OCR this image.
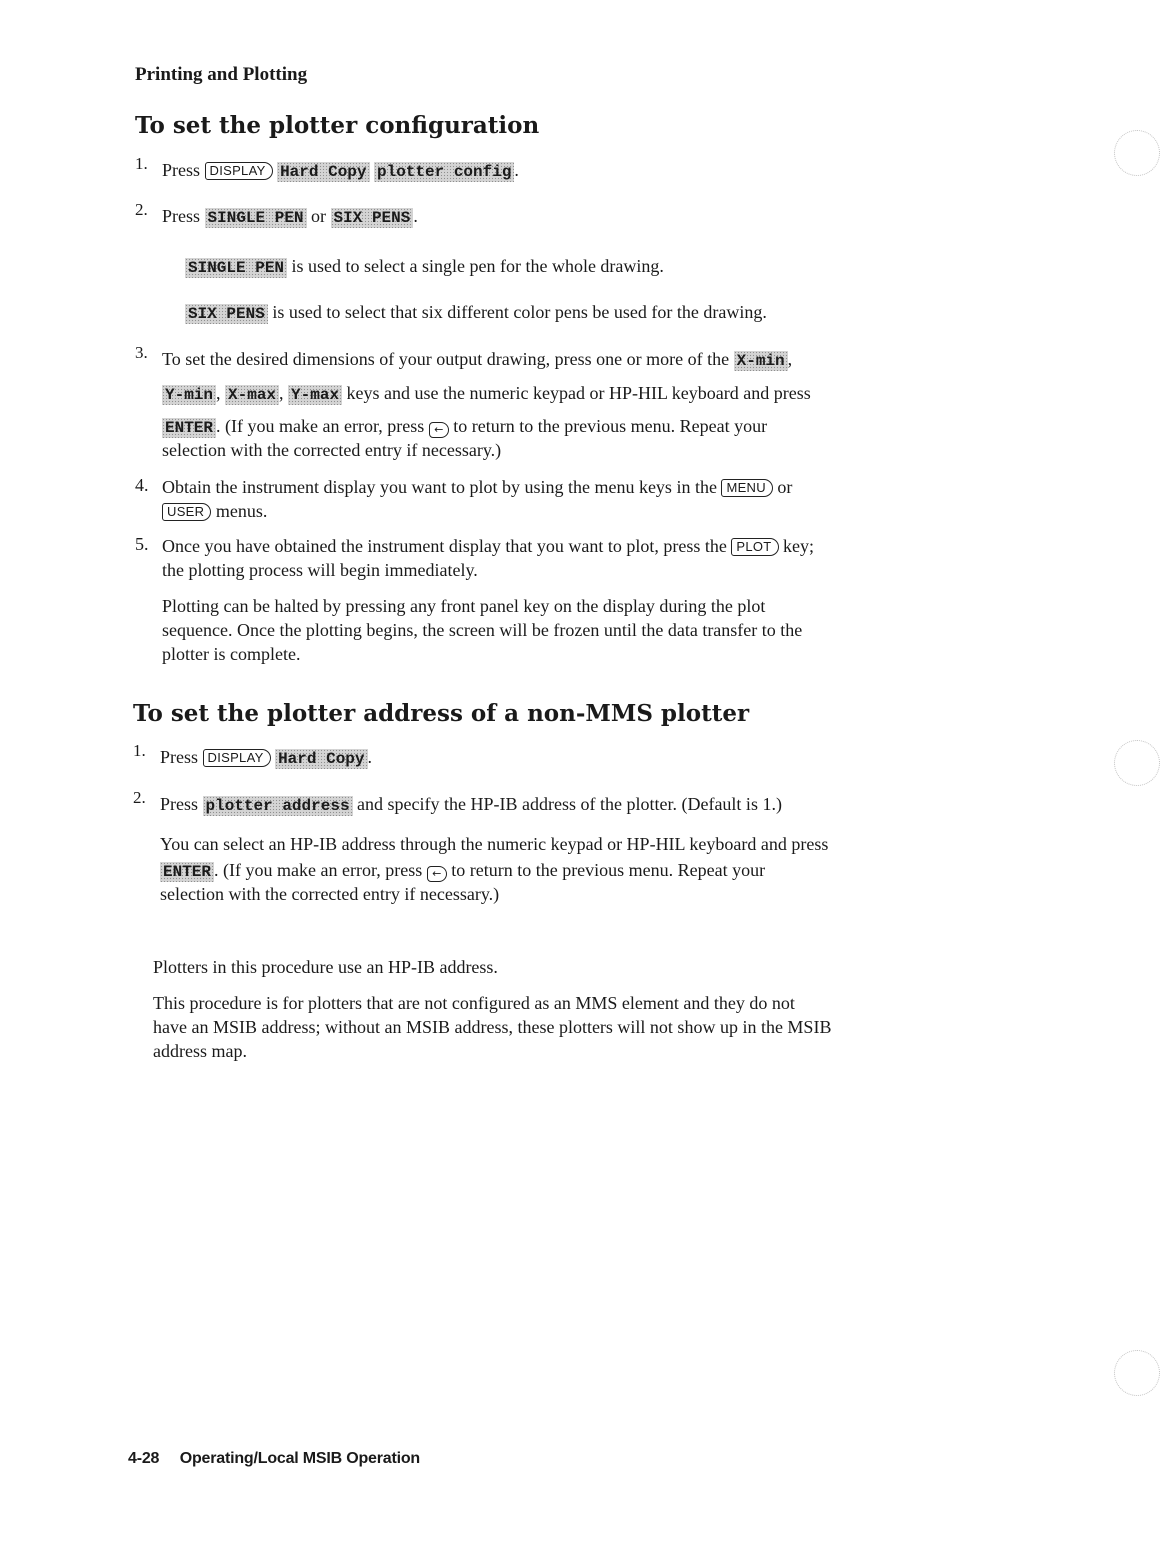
Printing and Plotting
To set the plotter configuration
1. Press DISPLAY Hard Copy plotter config .
2. Press SINGLE PEN or SIX PENS .
SINGLE PEN is used to select a single pen for the whole drawing.
SIX PENS is used to select that six different color pens be used for the drawing.
3. To set the desired dimensions of your output drawing, press one or more of the X-min ,
Y-min , X-max , Y-max keys and use the numeric keypad or HP-HIL keyboard and press
ENTER . (If you make an error, press ← to return to the previous menu. Repeat your
selection with the corrected entry if necessary.)
4. Obtain the instrument display you want to plot by using the menu keys in the MENU or
USER menus.
5. Once you have obtained the instrument display that you want to plot, press the PLOT key;
the plotting process will begin immediately.
Plotting can be halted by pressing any front panel key on the display during the plot
sequence. Once the plotting begins, the screen will be frozen until the data transfer to the
plotter is complete.
To set the plotter address of a non-MMS plotter
1. Press DISPLAY Hard Copy .
2. Press plotter address and specify the HP-IB address of the plotter. (Default is 1.)
You can select an HP-IB address through the numeric keypad or HP-HIL keyboard and press
ENTER . (If you make an error, press ← to return to the previous menu. Repeat your
selection with the corrected entry if necessary.)
Plotters in this procedure use an HP-IB address.
This procedure is for plotters that are not configured as an MMS element and they do not
have an MSIB address; without an MSIB address, these plotters will not show up in the MSIB
address map.
4-28 Operating/Local MSIB Operation
